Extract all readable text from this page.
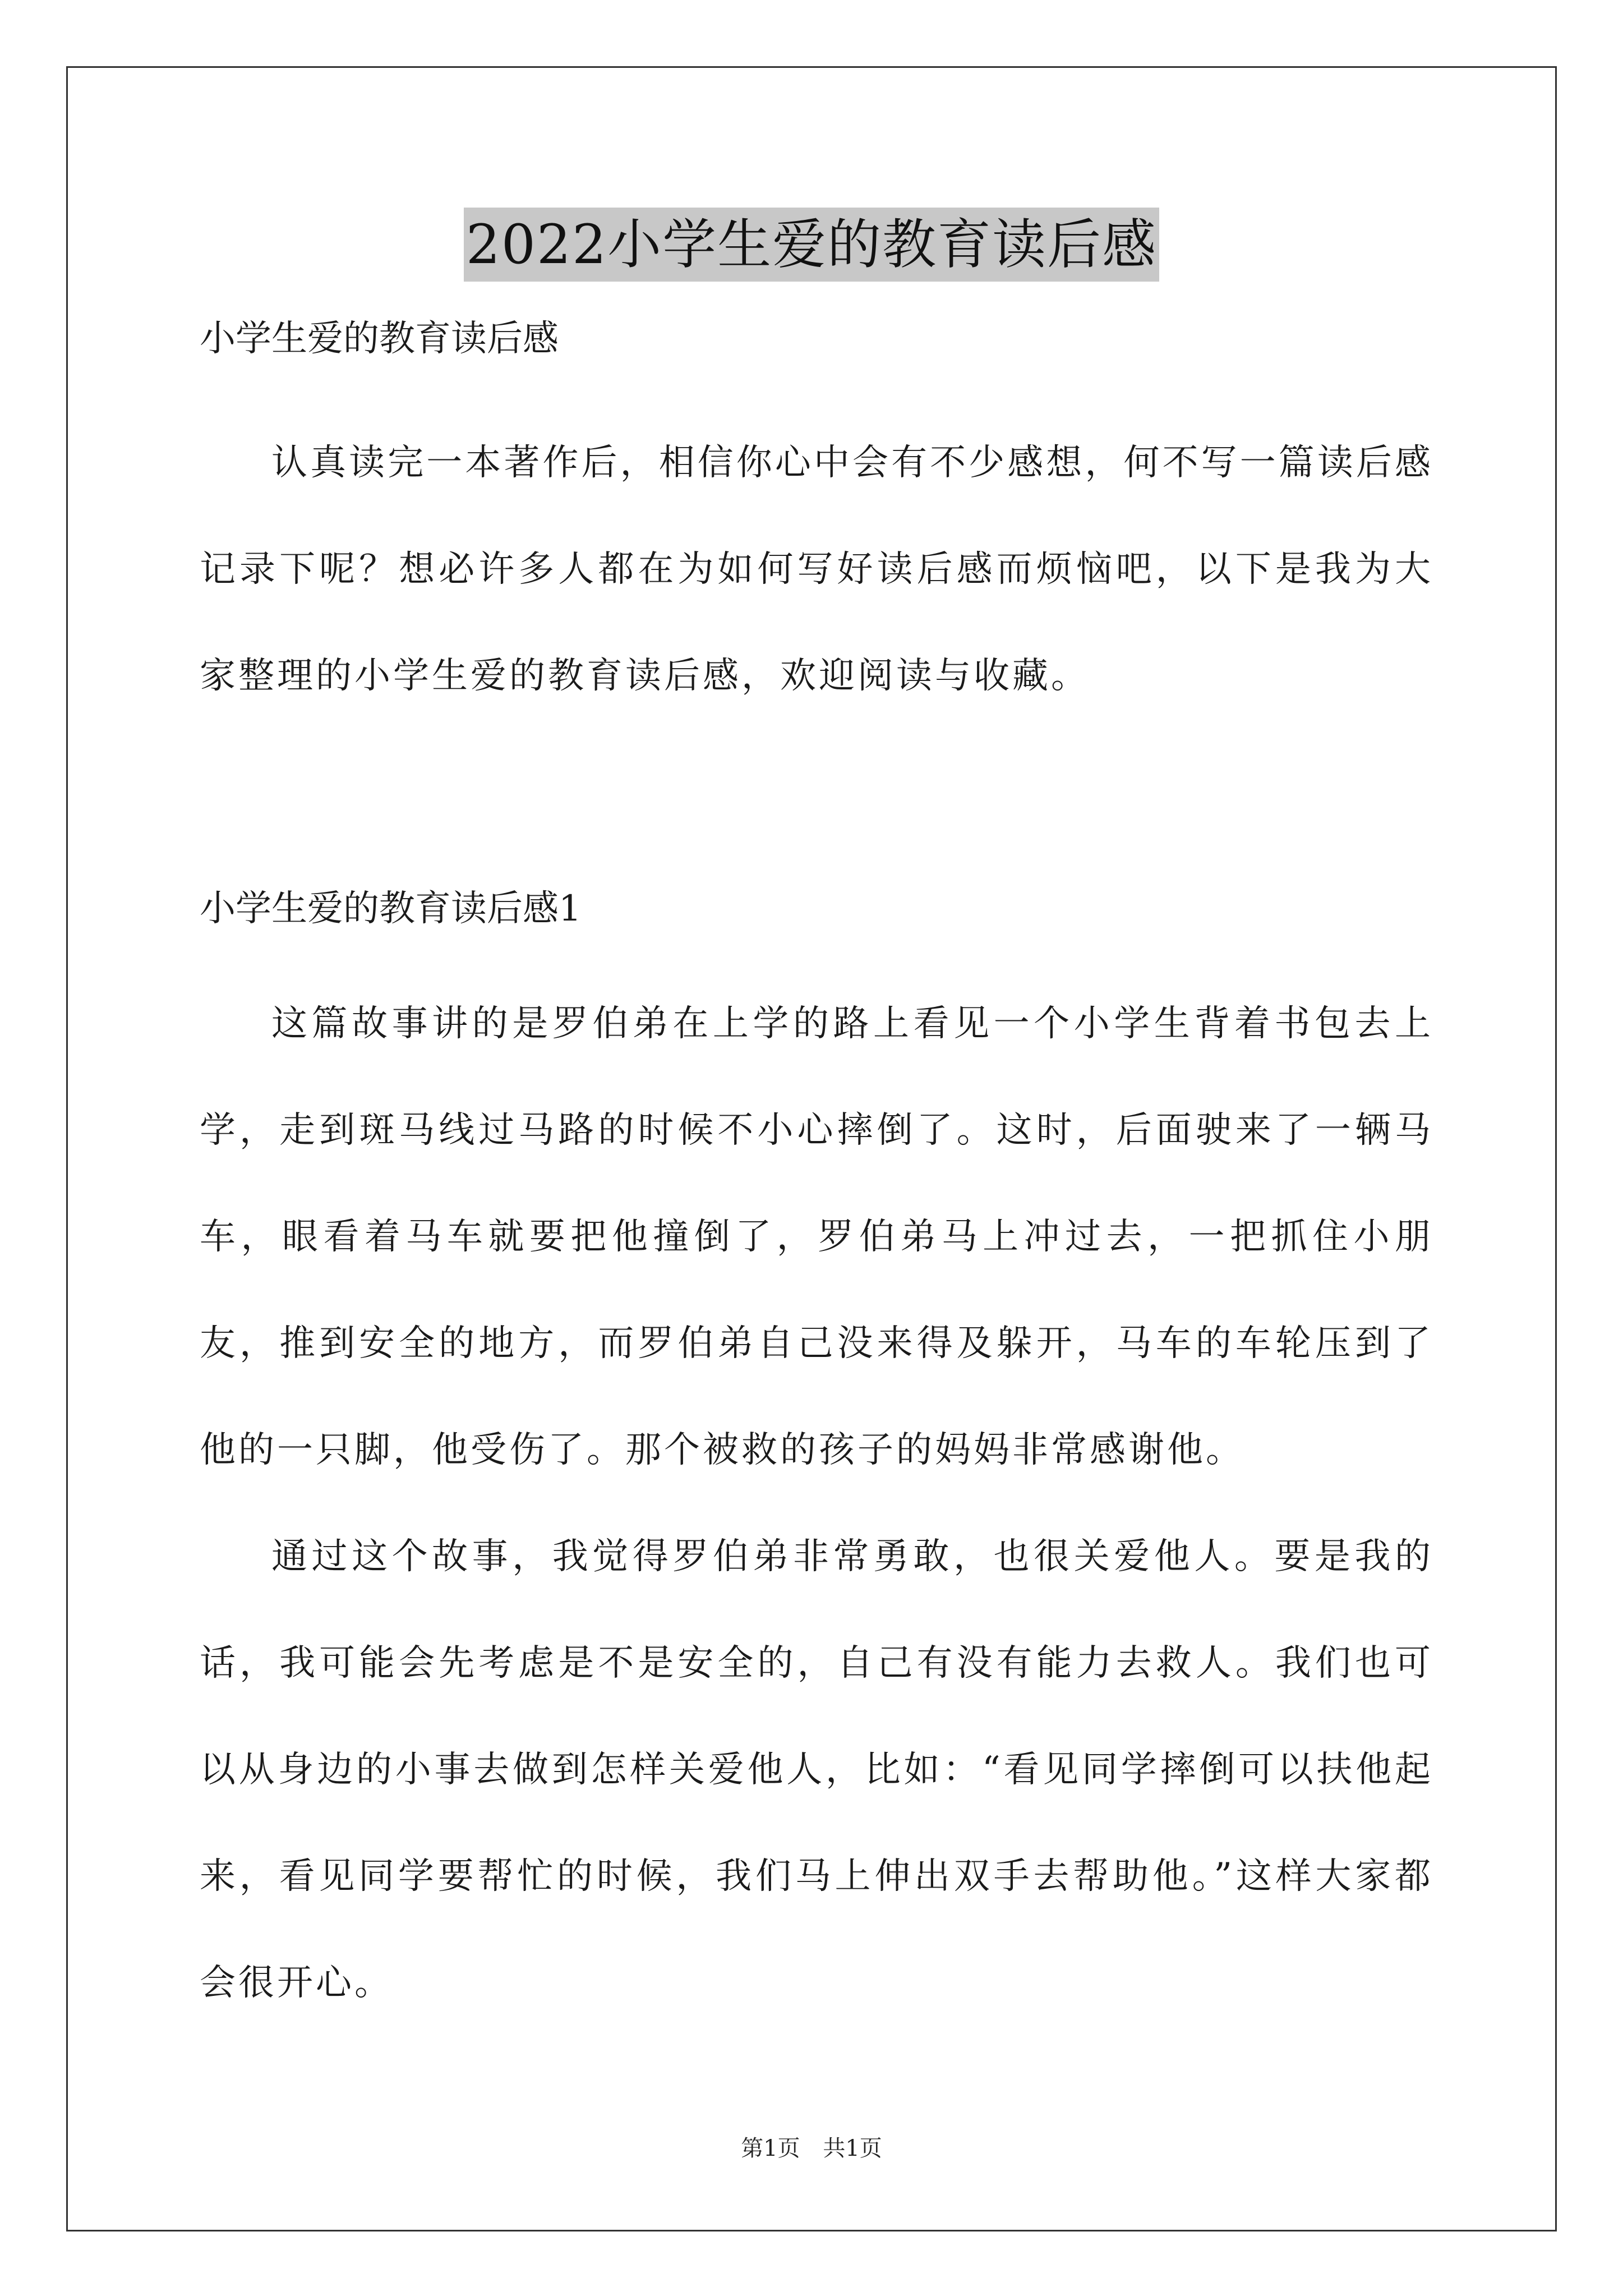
2022小学生爱的教育读后感

小学生爱的教育读后感

认真读完一本著作后，相信你心中会有不少感想，何不写一篇读后感记录下呢？想必许多人都在为如何写好读后感而烦恼吧，以下是我为大家整理的小学生爱的教育读后感，欢迎阅读与收藏。

小学生爱的教育读后感1

这篇故事讲的是罗伯弟在上学的路上看见一个小学生背着书包去上学，走到斑马线过马路的时候不小心摔倒了。这时，后面驶来了一辆马车，眼看着马车就要把他撞倒了，罗伯弟马上冲过去，一把抓住小朋友，推到安全的地方，而罗伯弟自己没来得及躲开，马车的车轮压到了他的一只脚，他受伤了。那个被救的孩子的妈妈非常感谢他。

通过这个故事，我觉得罗伯弟非常勇敢，也很关爱他人。要是我的话，我可能会先考虑是不是安全的，自己有没有能力去救人。我们也可以从身边的小事去做到怎样关爱他人，比如：“看见同学摔倒可以扶他起来，看见同学要帮忙的时候，我们马上伸出双手去帮助他。”这样大家都会很开心。

第1页 共1页
